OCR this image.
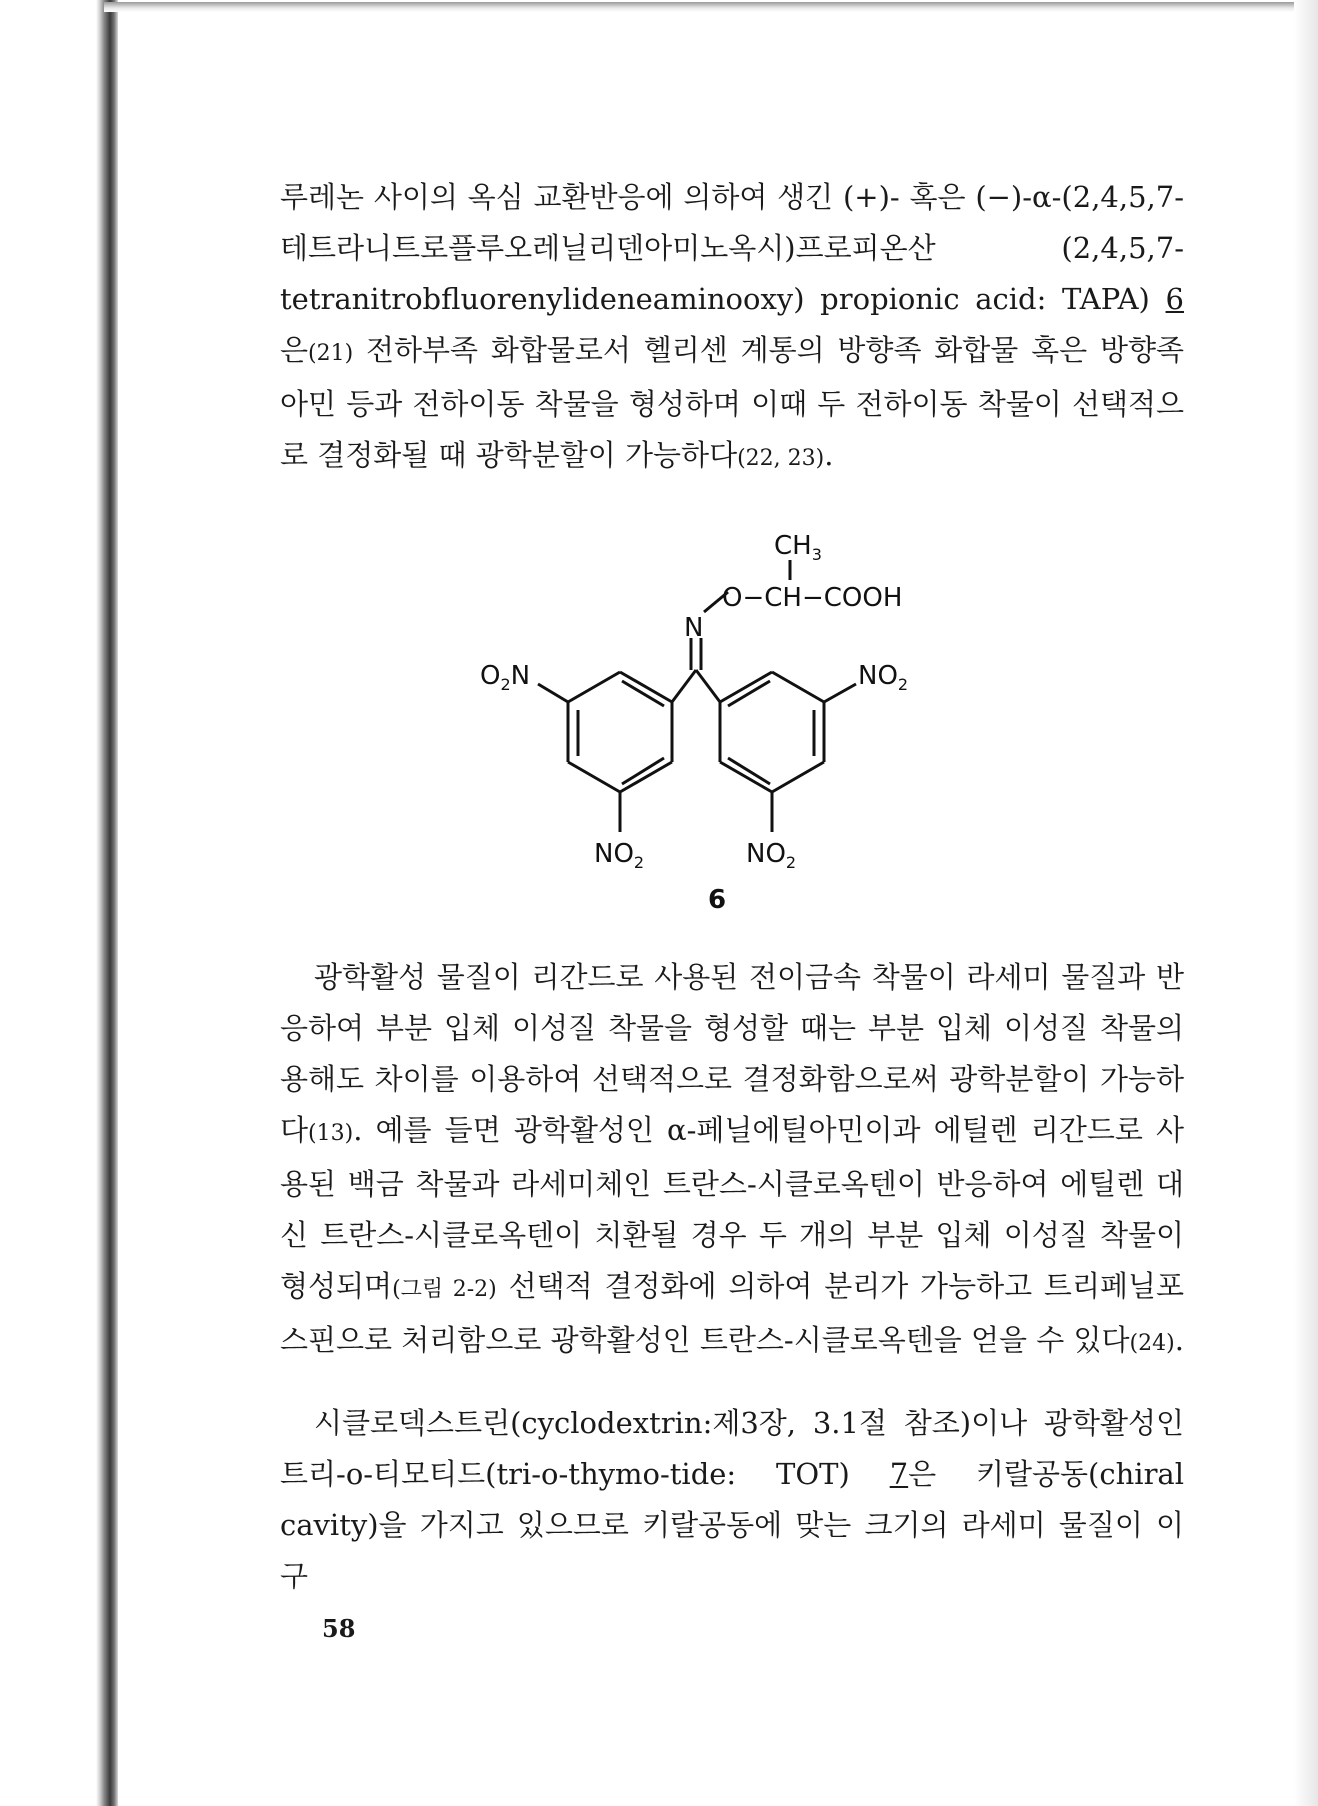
루레논 사이의 옥심 교환반응에 의하여 생긴 (+)- 혹은 (−)-α-(2,4,5,7-테트라니트로플루오레닐리덴아미노옥시)프로피온산 (2,4,5,7-tetranitrobfluorenylideneaminooxy) propionic acid: TAPA) 6은(21) 전하부족 화합물로서 헬리센 계통의 방향족 화합물 혹은 방향족 아민 등과 전하이동 착물을 형성하며 이때 두 전하이동 착물이 선택적으로 결정화될 때 광학분할이 가능하다(22, 23).

$CH_3$
O−CH−COOH
N
$O_2N$	$NO_2$
$NO_2$	$NO_2$
6

광학활성 물질이 리간드로 사용된 전이금속 착물이 라세미 물질과 반응하여 부분 입체 이성질 착물을 형성할 때는 부분 입체 이성질 착물의 용해도 차이를 이용하여 선택적으로 결정화함으로써 광학분할이 가능하다(13). 예를 들면 광학활성인 α-페닐에틸아민이과 에틸렌 리간드로 사용된 백금 착물과 라세미체인 트란스-시클로옥텐이 반응하여 에틸렌 대신 트란스-시클로옥텐이 치환될 경우 두 개의 부분 입체 이성질 착물이 형성되며(그림 2-2) 선택적 결정화에 의하여 분리가 가능하고 트리페닐포스핀으로 처리함으로 광학활성인 트란스-시클로옥텐을 얻을 수 있다(24).

시클로덱스트린(cyclodextrin:제3장, 3.1절 참조)이나 광학활성인 트리-o-티모티드(tri-o-thymo-tide: TOT) 7은 키랄공동(chiral cavity)을 가지고 있으므로 키랄공동에 맞는 크기의 라세미 물질이 이 구

58
